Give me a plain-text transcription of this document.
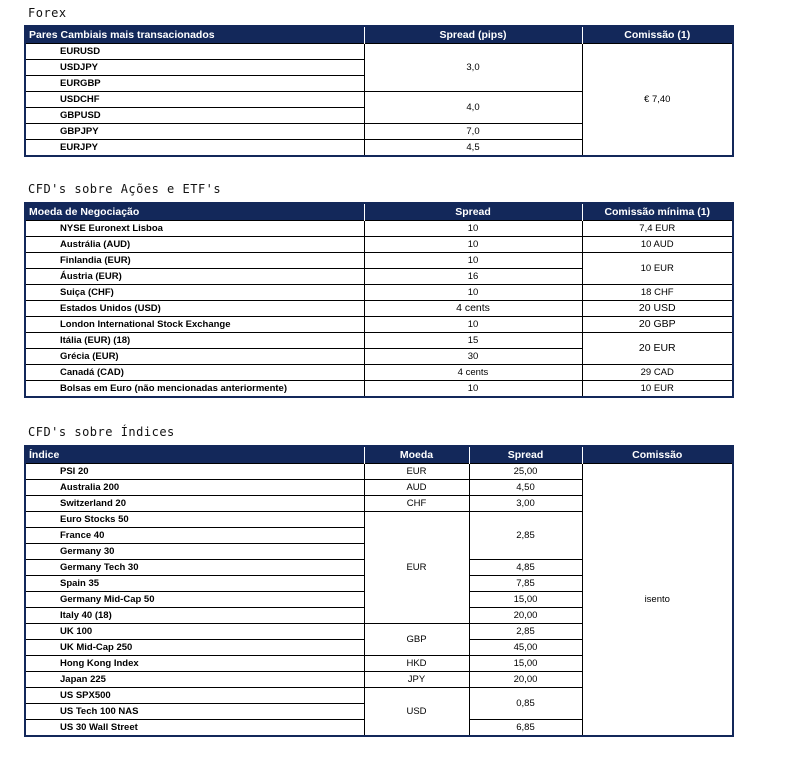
Forex
Pares Cambiais mais transacionados	Spread (pips)	Comissão (1)
EURUSD	3,0	€ 7,40
USDJPY		
EURGBP		
USDCHF	4,0	
GBPUSD		
GBPJPY	7,0	
EURJPY	4,5	
CFD's sobre Ações e ETF's
Moeda de Negociação	Spread	Comissão mínima (1)
NYSE Euronext Lisboa	10	7,4 EUR
Austrália (AUD)	10	10 AUD
Finlandia (EUR)	10	10 EUR
Áustria (EUR)	16	
Suiça (CHF)	10	18 CHF
Estados Unidos (USD)	4 cents	20 USD
London International Stock Exchange	10	20 GBP
Itália (EUR) (18)	15	20 EUR
Grécia (EUR)	30	
Canadá (CAD)	4 cents	29 CAD
Bolsas em Euro (não mencionadas anteriormente)	10	10 EUR
CFD's sobre Índices
Índice	Moeda	Spread	Comissão
PSI 20	EUR	25,00	isento
Australia 200	AUD	4,50	
Switzerland 20	CHF	3,00	
Euro Stocks 50	EUR	2,85	
France 40			
Germany 30			
Germany Tech 30		4,85	
Spain 35		7,85	
Germany Mid-Cap 50		15,00	
Italy 40 (18)		20,00	
UK 100	GBP	2,85	
UK Mid-Cap 250		45,00	
Hong Kong Index	HKD	15,00	
Japan 225	JPY	20,00	
US SPX500	USD	0,85	
US Tech 100 NAS			
US 30 Wall Street		6,85	
